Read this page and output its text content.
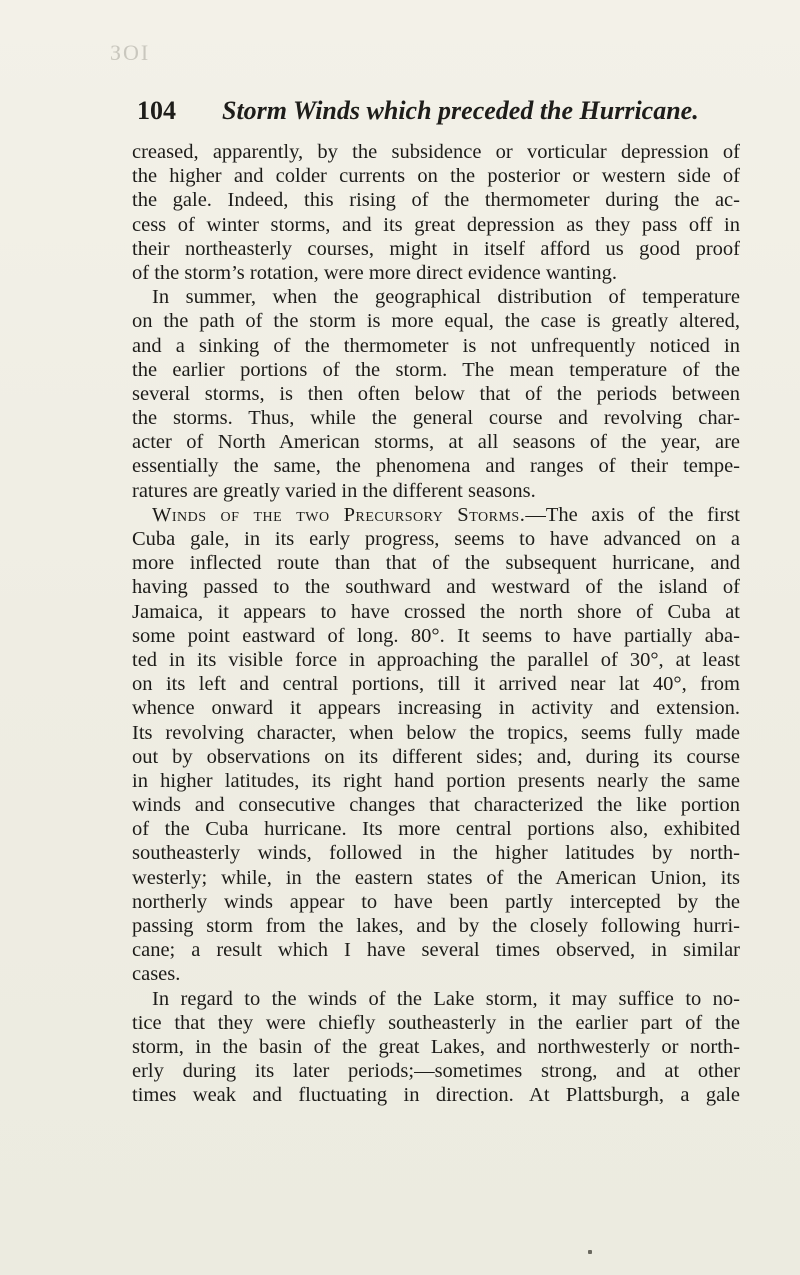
ЗOI
104 Storm Winds which preceded the Hurricane.
creased, apparently, by the subsidence or vorticular depression of
the higher and colder currents on the posterior or western side of
the gale. Indeed, this rising of the thermometer during the ac-
cess of winter storms, and its great depression as they pass off in
their northeasterly courses, might in itself afford us good proof
of the storm’s rotation, were more direct evidence wanting.
In summer, when the geographical distribution of temperature
on the path of the storm is more equal, the case is greatly altered,
and a sinking of the thermometer is not unfrequently noticed in
the earlier portions of the storm. The mean temperature of the
several storms, is then often below that of the periods between
the storms. Thus, while the general course and revolving char-
acter of North American storms, at all seasons of the year, are
essentially the same, the phenomena and ranges of their tempe-
ratures are greatly varied in the different seasons.
Winds of the two Precursory Storms.—The axis of the first
Cuba gale, in its early progress, seems to have advanced on a
more inflected route than that of the subsequent hurricane, and
having passed to the southward and westward of the island of
Jamaica, it appears to have crossed the north shore of Cuba at
some point eastward of long. 80°. It seems to have partially aba-
ted in its visible force in approaching the parallel of 30°, at least
on its left and central portions, till it arrived near lat 40°, from
whence onward it appears increasing in activity and extension.
Its revolving character, when below the tropics, seems fully made
out by observations on its different sides; and, during its course
in higher latitudes, its right hand portion presents nearly the same
winds and consecutive changes that characterized the like portion
of the Cuba hurricane. Its more central portions also, exhibited
southeasterly winds, followed in the higher latitudes by north-
westerly; while, in the eastern states of the American Union, its
northerly winds appear to have been partly intercepted by the
passing storm from the lakes, and by the closely following hurri-
cane; a result which I have several times observed, in similar
cases.
In regard to the winds of the Lake storm, it may suffice to no-
tice that they were chiefly southeasterly in the earlier part of the
storm, in the basin of the great Lakes, and northwesterly or north-
erly during its later periods;—sometimes strong, and at other
times weak and fluctuating in direction. At Plattsburgh, a gale
